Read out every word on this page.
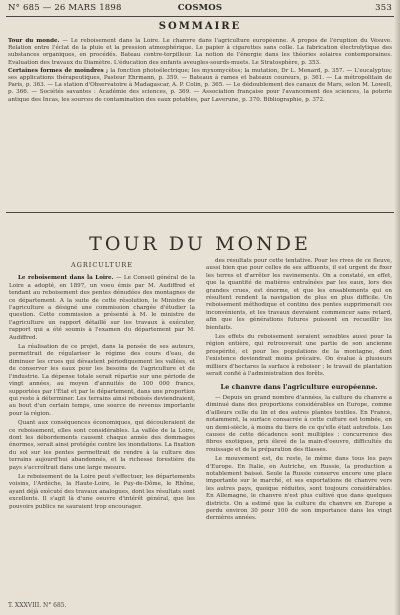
N° 685 — 26 MARS 1898	COSMOS	353
SOMMAIRE

Tour du monde. — Le reboisement dans la Loire. Le chanvre dans l'agriculture européenne. A propos de l'éruption du Vésuve. Relation entre l'éclat de la pluie et la pression atmosphérique. Le papier à cigarettes sans colle. La fabrication électrolytique des substances organiques, en procédés. Bateau contre-torpilleur. La notion de l'énergie dans les théories solaires contemporaines. Evaluation des travaux du Diamètre. L'éducation des enfants aveugles-sourds-muets. Le Stratosphère, p. 353.

Certaines formes de moindres ; la fonction photoélectrique; les myxomycètes; la mutation, Dr L. Menard, p. 357. — L'eucalyptus; ses applications thérapeutiques, Pasteur Ehrmann, p. 359. — Bateaux à rames et bateaux coureurs, p. 361. — La métropolitain de Paris, p. 363. — La station d'Observatoire à Madagascar, A. P. Colin, p. 365. — Le dédoublement des canaux de Mars, selon M. Lowell, p. 366. — Sociétés savantes : Académie des sciences, p. 369. — Association française pour l'avancement des sciences, la poterie antique des Incas, les sources de contamination des eaux potables, par Laverune, p. 370. Bibliographie, p. 372.

TOUR DU MONDE
AGRICULTURE

Le reboisement dans la Loire. — Le Conseil général de la Loire a adopté, en 1897, un voeu émis par M. Audiffred et tendant au reboisement des pentes dénudées des montagnes de ce département. A la suite de cette résolution, le Ministre de l'agriculture a désigné une commission chargée d'étudier la question. Cette commission a présenté à M. le ministre de l'agriculture un rapport détaillé sur les travaux à exécuter, rapport qui a été soumis à l'examen du département par M. Audiffred.

La réalisation de ce projet, dans la pensée de ses auteurs, permettrait de régulariser le régime des cours d'eau, de diminuer les crues qui dévastent périodiquement les vallées, et de conserver les eaux pour les besoins de l'agriculture et de l'industrie. La dépense totale serait répartie sur une période de vingt années, au moyen d'annuités de 100 000 francs, supportées par l'État et par le département, dans une proportion qui reste à déterminer. Les terrains ainsi reboisés deviendraient, au bout d'un certain temps, une source de revenus importante pour la région.

Quant aux conséquences économiques, qui découleraient de ce reboisement, elles sont considérables. La vallée de la Loire, dont les débordements causent chaque année des dommages énormes, serait ainsi protégée contre les inondations. La fixation du sol sur les pentes permettrait de rendre à la culture des terrains aujourd'hui abandonnés, et la richesse forestière du pays s'accroîtrait dans une large mesure.

Le reboisement de la Loire peut s'effectuer, les départements voisins, l'Ardèche, la Haute-Loire, le Puy-de-Dôme, le Rhône, ayant déjà exécuté des travaux analogues, dont les résultats sont excellents. Il s'agit là d'une oeuvre d'intérêt général, que les pouvoirs publics ne sauraient trop encourager.

des résultats pour cette tentative. Pour les rives de ce fleuve, aussi bien que pour celles de ses affluents, il est urgent de fixer les terres et d'arrêter les ravinements. On a constaté, en effet, que la quantité de matières entraînées par les eaux, lors des grandes crues, est énorme, et que les ensablements qui en résultent rendent la navigation de plus en plus difficile. Un reboisement méthodique et continu des pentes supprimerait ces inconvénients, et les travaux devraient commencer sans retard, afin que les générations futures puissent en recueillir les bienfaits.

Les effets du reboisement seraient sensibles aussi pour la région entière, qui retrouverait une partie de son ancienne prospérité, et pour les populations de la montagne, dont l'existence deviendrait moins précaire. On évalue à plusieurs milliers d'hectares la surface à reboiser ; le travail de plantation serait confié à l'administration des forêts.

Le chanvre dans l'agriculture européenne.

— Depuis un grand nombre d'années, la culture du chanvre a diminué dans des proportions considérables en Europe, comme d'ailleurs celle du lin et des autres plantes textiles. En France, notamment, la surface consacrée à cette culture est tombée, en un demi-siècle, à moins du tiers de ce qu'elle était autrefois. Les causes de cette décadence sont multiples : concurrence des fibres exotiques, prix élevé de la main-d'oeuvre, difficultés du rouissage et de la préparation des filasses.

Le mouvement est, du reste, le même dans tous les pays d'Europe. En Italie, en Autriche, en Russie, la production a notablement baissé. Seule la Russie conserve encore une place importante sur le marché, et ses exportations de chanvre vers les autres pays, quoique réduites, sont toujours considérables. En Allemagne, le chanvre n'est plus cultivé que dans quelques districts. On a estimé que la culture du chanvre en Europe a perdu environ 30 pour 100 de son importance dans les vingt dernières années.

T. XXXVIII. N° 685.
